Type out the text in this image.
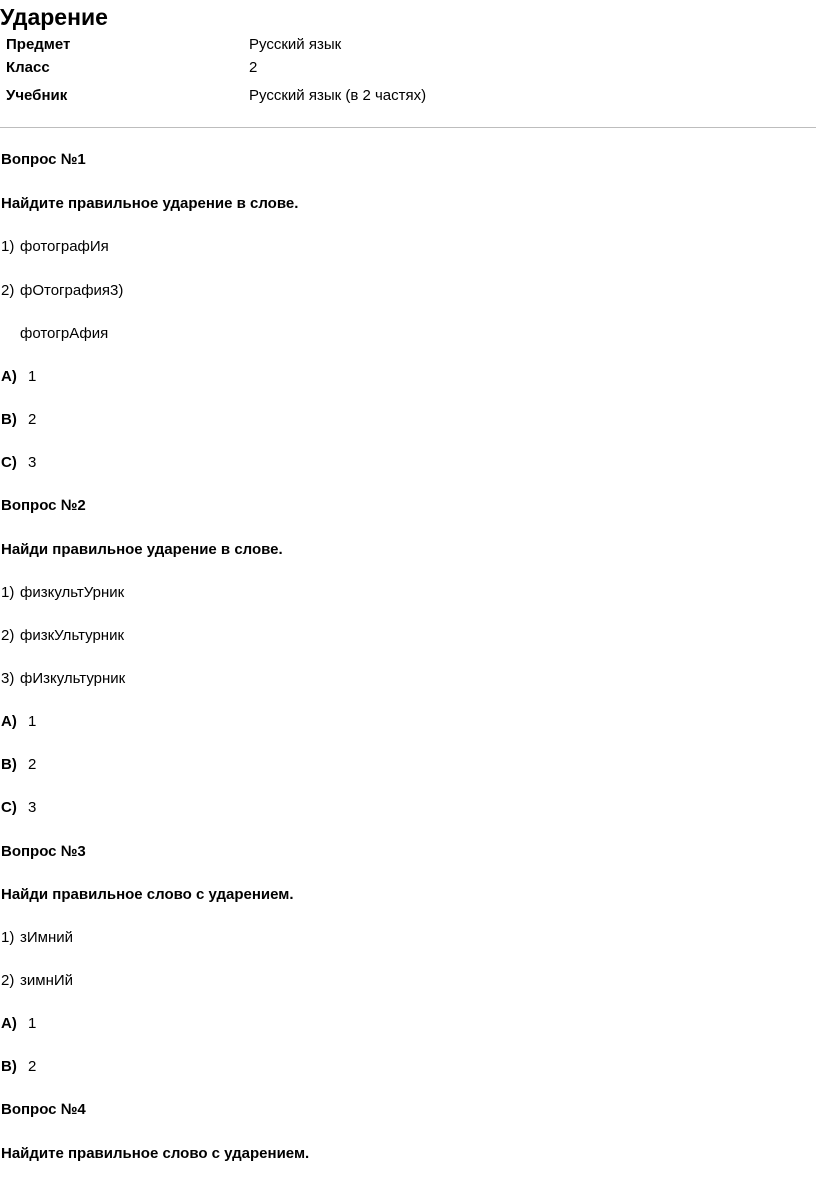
Ударение
Предмет	Русский язык
Класс	2
Учебник	Русский язык (в 2 частях)
Вопрос №1
Найдите правильное ударение в слове.
1) фотографИя
2) фОтография3)
фотогрАфия
A) 1
B) 2
C) 3
Вопрос №2
Найди правильное ударение в слове.
1) физкультУрник
2) физкУльтурник
3) фИзкультурник
A) 1
B) 2
C) 3
Вопрос №3
Найди правильное слово с ударением.
1) зИмний
2) зимнИй
A) 1
B) 2
Вопрос №4
Найдите правильное слово с ударением.
